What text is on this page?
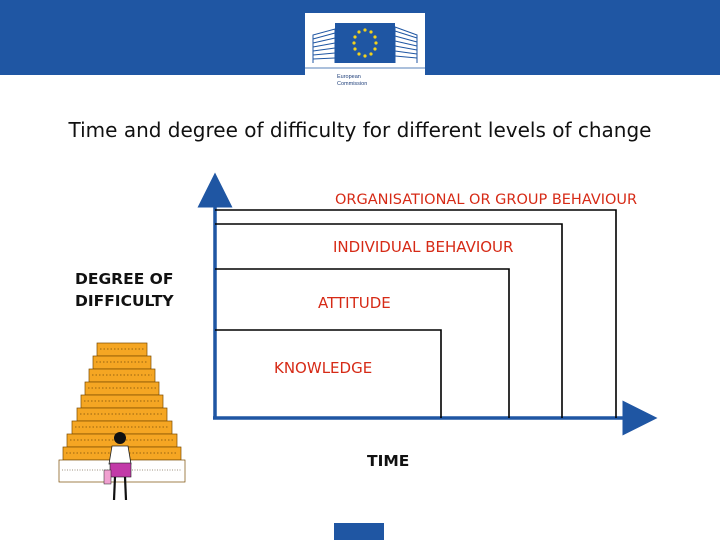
European
Commission
Time and degree of difficulty for different levels of change
ORGANISATIONAL OR GROUP BEHAVIOUR
INDIVIDUAL BEHAVIOUR
ATTITUDE
KNOWLEDGE
DEGREE OF
DIFFICULTY
TIME
